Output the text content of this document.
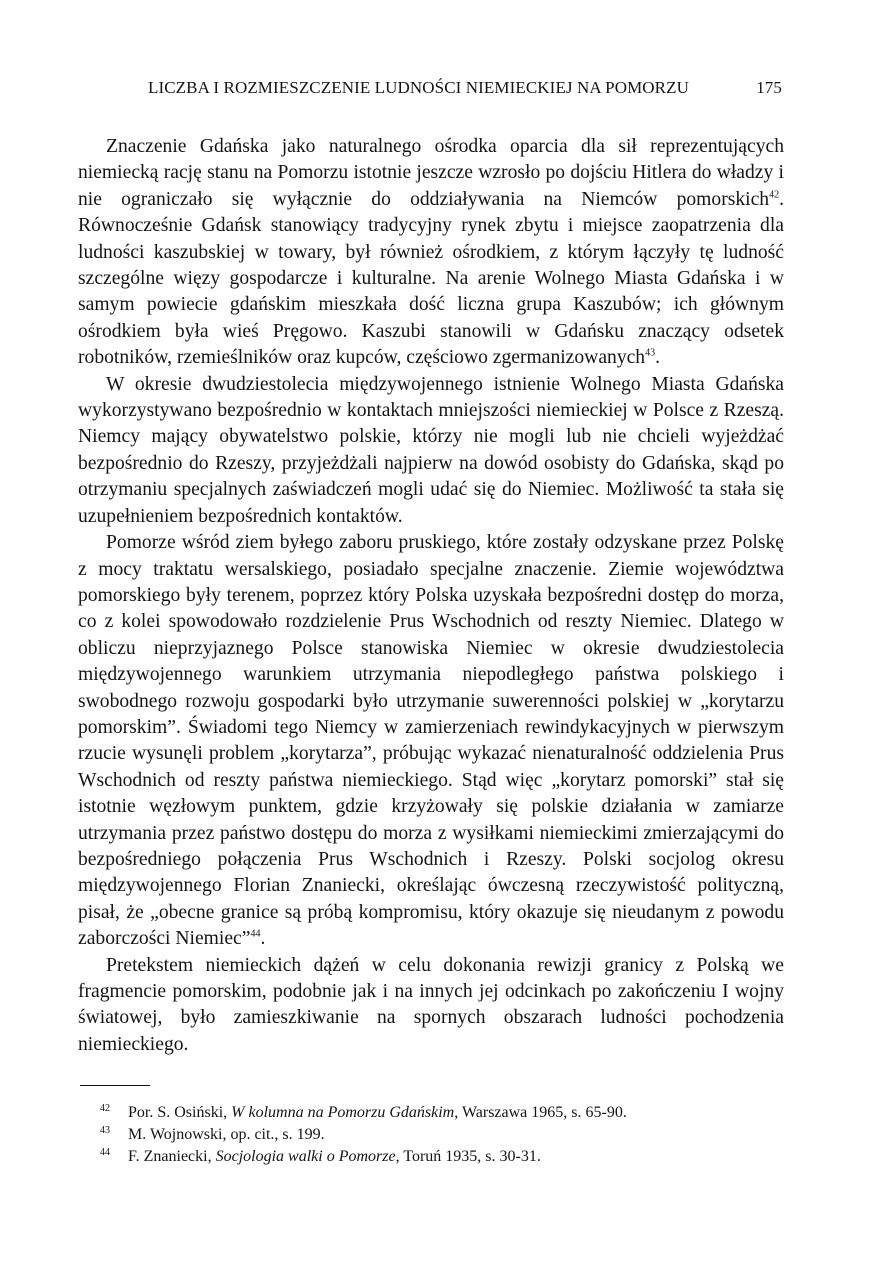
LICZBA I ROZMIESZCZENIE LUDNOŚCI NIEMIECKIEJ NA POMORZU	175

Znaczenie Gdańska jako naturalnego ośrodka oparcia dla sił reprezentujących niemiecką rację stanu na Pomorzu istotnie jeszcze wzrosło po dojściu Hitlera do władzy i nie ograniczało się wyłącznie do oddziaływania na Niemców pomorskich$^{42}$. Równocześnie Gdańsk stanowiący tradycyjny rynek zbytu i miejsce zaopatrzenia dla ludności kaszubskiej w towary, był również ośrodkiem, z którym łączyły tę ludność szczególne więzy gospodarcze i kulturalne. Na arenie Wolnego Miasta Gdańska i w samym powiecie gdańskim mieszkała dość liczna grupa Kaszubów; ich głównym ośrodkiem była wieś Pręgowo. Kaszubi stanowili w Gdańsku znaczący odsetek robotników, rzemieślników oraz kupców, częściowo zgermanizowanych$^{43}$.

W okresie dwudziestolecia międzywojennego istnienie Wolnego Miasta Gdańska wykorzystywano bezpośrednio w kontaktach mniejszości niemieckiej w Polsce z Rzeszą. Niemcy mający obywatelstwo polskie, którzy nie mogli lub nie chcieli wyjeżdżać bezpośrednio do Rzeszy, przyjeżdżali najpierw na dowód osobisty do Gdańska, skąd po otrzymaniu specjalnych zaświadczeń mogli udać się do Niemiec. Możliwość ta stała się uzupełnieniem bezpośrednich kontaktów.

Pomorze wśród ziem byłego zaboru pruskiego, które zostały odzyskane przez Polskę z mocy traktatu wersalskiego, posiadało specjalne znaczenie. Ziemie województwa pomorskiego były terenem, poprzez który Polska uzyskała bezpośredni dostęp do morza, co z kolei spowodowało rozdzielenie Prus Wschodnich od reszty Niemiec. Dlatego w obliczu nieprzyjaznego Polsce stanowiska Niemiec w okresie dwudziestolecia międzywojennego warunkiem utrzymania niepodległego państwa polskiego i swobodnego rozwoju gospodarki było utrzymanie suwerenności polskiej w „korytarzu pomorskim”. Świadomi tego Niemcy w zamierzeniach rewindykacyjnych w pierwszym rzucie wysunęli problem „korytarza”, próbując wykazać nienaturalność oddzielenia Prus Wschodnich od reszty państwa niemieckiego. Stąd więc „korytarz pomorski” stał się istotnie węzłowym punktem, gdzie krzyżowały się polskie działania w zamiarze utrzymania przez państwo dostępu do morza z wysiłkami niemieckimi zmierzającymi do bezpośredniego połączenia Prus Wschodnich i Rzeszy. Polski socjolog okresu międzywojennego Florian Znaniecki, określając ówczesną rzeczywistość polityczną, pisał, że „obecne granice są próbą kompromisu, który okazuje się nieudanym z powodu zaborczości Niemiec”$^{44}$.

Pretekstem niemieckich dążeń w celu dokonania rewizji granicy z Polską we fragmencie pomorskim, podobnie jak i na innych jej odcinkach po zakończeniu I wojny światowej, było zamieszkiwanie na spornych obszarach ludności pochodzenia niemieckiego.

42	Por. S. Osiński, W kolumna na Pomorzu Gdańskim, Warszawa 1965, s. 65-90.
43	M. Wojnowski, op. cit., s. 199.
44	F. Znaniecki, Socjologia walki o Pomorze, Toruń 1935, s. 30-31.
